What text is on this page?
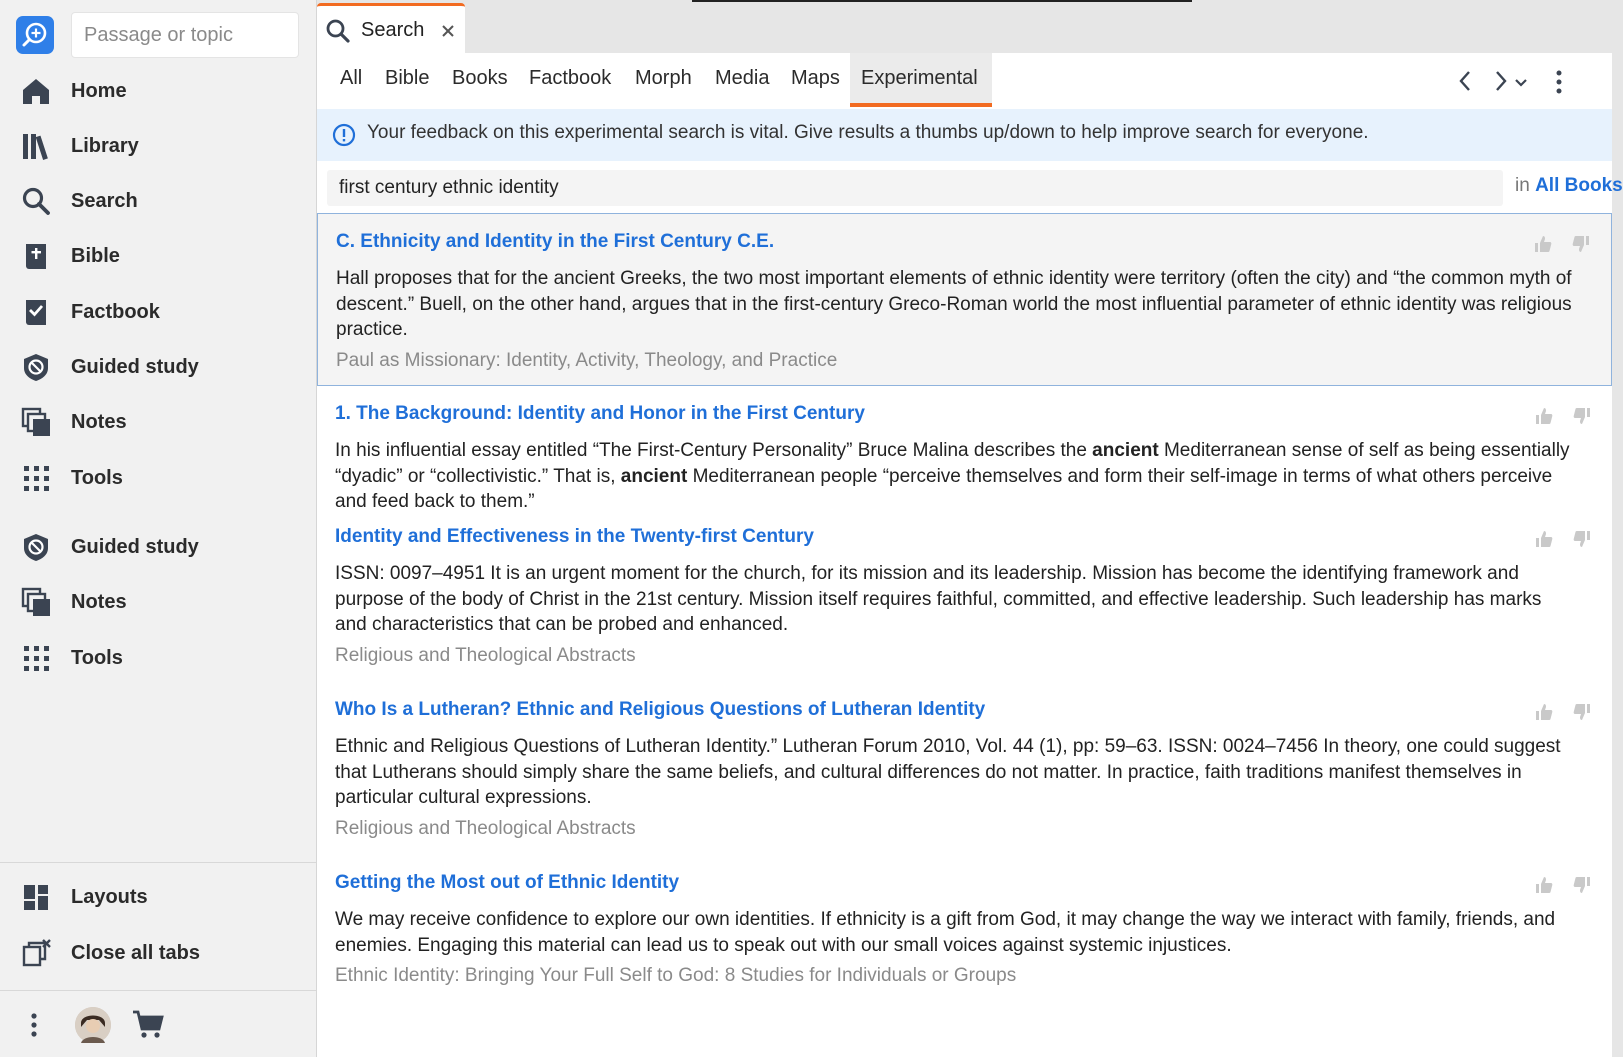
Passage or topic
Home
Library
Search
Bible
Factbook
Guided study
Notes
Tools
Guided study
Notes
Tools
Layouts
Close all tabs
Search
All Bible Books Factbook Morph Media Maps Experimental
Your feedback on this experimental search is vital. Give results a thumbs up/down to help improve search for everyone.
first century ethnic identity
in All Books
C. Ethnicity and Identity in the First Century C.E.
Hall proposes that for the ancient Greeks, the two most important elements of ethnic identity were territory (often the city) and “the common myth of descent.” Buell, on the other hand, argues that in the first-century Greco-Roman world the most influential parameter of ethnic identity was religious practice.
Paul as Missionary: Identity, Activity, Theology, and Practice
1. The Background: Identity and Honor in the First Century
In his influential essay entitled “The First-Century Personality” Bruce Malina describes the ancient Mediterranean sense of self as being essentially “dyadic” or “collectivistic.” That is, ancient Mediterranean people “perceive themselves and form their self-image in terms of what others perceive and feed back to them.”
Identity and Effectiveness in the Twenty-first Century
ISSN: 0097–4951 It is an urgent moment for the church, for its mission and its leadership. Mission has become the identifying framework and purpose of the body of Christ in the 21st century. Mission itself requires faithful, committed, and effective leadership. Such leadership has marks and characteristics that can be probed and enhanced.
Religious and Theological Abstracts
Who Is a Lutheran? Ethnic and Religious Questions of Lutheran Identity
Ethnic and Religious Questions of Lutheran Identity.” Lutheran Forum 2010, Vol. 44 (1), pp: 59–63. ISSN: 0024–7456 In theory, one could suggest that Lutherans should simply share the same beliefs, and cultural differences do not matter. In practice, faith traditions manifest themselves in particular cultural expressions.
Religious and Theological Abstracts
Getting the Most out of Ethnic Identity
We may receive confidence to explore our own identities. If ethnicity is a gift from God, it may change the way we interact with family, friends, and enemies. Engaging this material can lead us to speak out with our small voices against systemic injustices.
Ethnic Identity: Bringing Your Full Self to God: 8 Studies for Individuals or Groups
